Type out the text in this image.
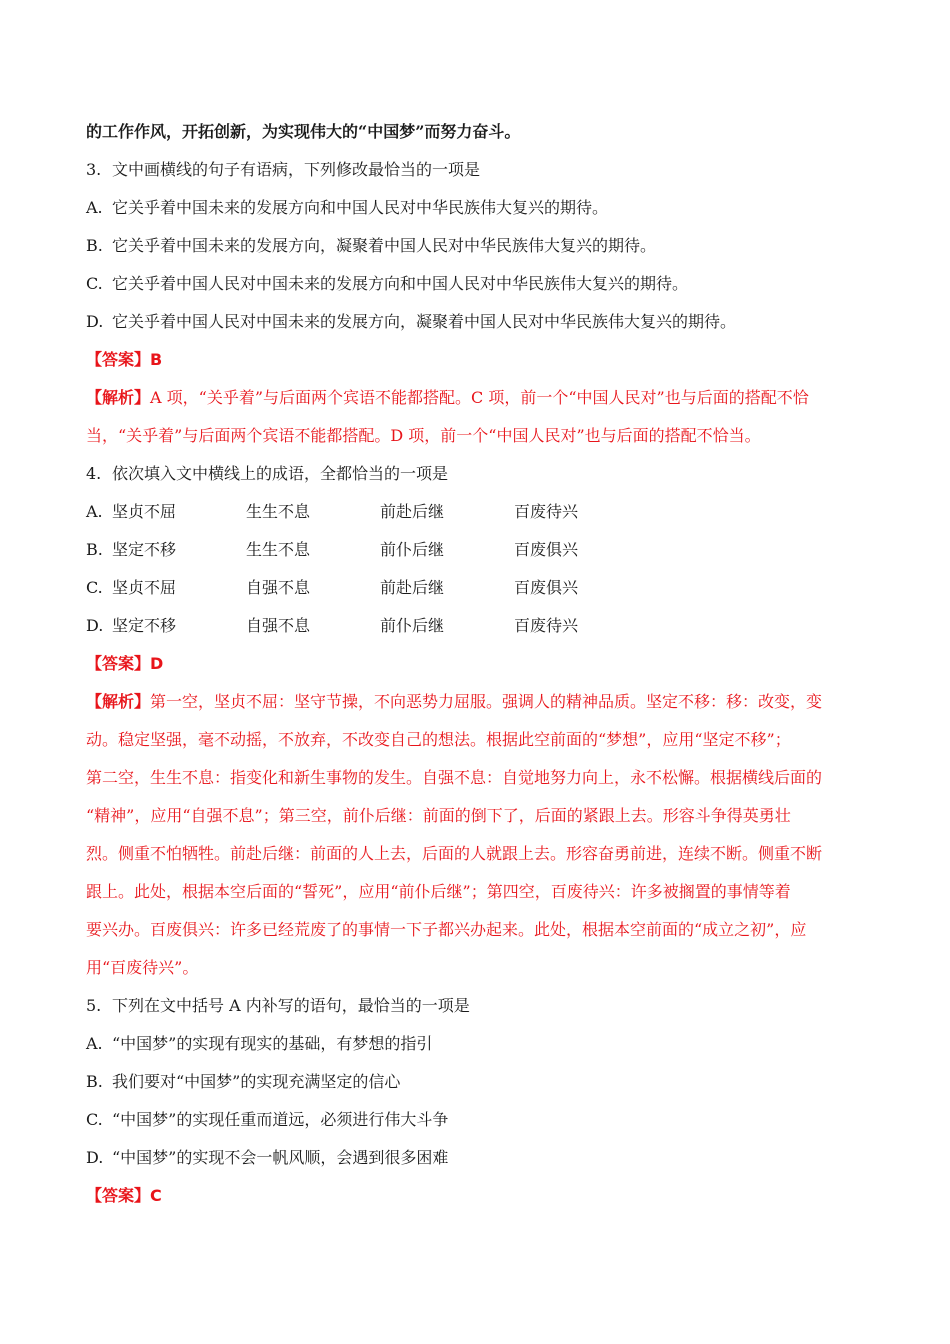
的工作作风，开拓创新，为实现伟大的“中国梦”而努力奋斗。
3. 文中画横线的句子有语病，下列修改最恰当的一项是
A. 它关乎着中国未来的发展方向和中国人民对中华民族伟大复兴的期待。
B. 它关乎着中国未来的发展方向，凝聚着中国人民对中华民族伟大复兴的期待。
C. 它关乎着中国人民对中国未来的发展方向和中国人民对中华民族伟大复兴的期待。
D. 它关乎着中国人民对中国未来的发展方向，凝聚着中国人民对中华民族伟大复兴的期待。
【答案】B
【解析】A 项，“关乎着”与后面两个宾语不能都搭配。C 项，前一个“中国人民对”也与后面的搭配不恰
当，“关乎着”与后面两个宾语不能都搭配。D 项，前一个“中国人民对”也与后面的搭配不恰当。
4. 依次填入文中横线上的成语，全都恰当的一项是
A. 坚贞不屈	生生不息	前赴后继	百废待兴
B. 坚定不移	生生不息	前仆后继	百废俱兴
C. 坚贞不屈	自强不息	前赴后继	百废俱兴
D. 坚定不移	自强不息	前仆后继	百废待兴
【答案】D
【解析】第一空，坚贞不屈：坚守节操，不向恶势力屈服。强调人的精神品质。坚定不移：移：改变，变
动。稳定坚强，毫不动摇，不放弃，不改变自己的想法。根据此空前面的“梦想”，应用“坚定不移”；
第二空，生生不息：指变化和新生事物的发生。自强不息：自觉地努力向上，永不松懈。根据横线后面的
“精神”，应用“自强不息”；第三空，前仆后继：前面的倒下了，后面的紧跟上去。形容斗争得英勇壮
烈。侧重不怕牺牲。前赴后继：前面的人上去，后面的人就跟上去。形容奋勇前进，连续不断。侧重不断
跟上。此处，根据本空后面的“誓死”，应用“前仆后继”；第四空，百废待兴：许多被搁置的事情等着
要兴办。百废俱兴：许多已经荒废了的事情一下子都兴办起来。此处，根据本空前面的“成立之初”，应
用“百废待兴”。
5. 下列在文中括号 A 内补写的语句，最恰当的一项是
A. “中国梦”的实现有现实的基础，有梦想的指引
B. 我们要对“中国梦”的实现充满坚定的信心
C. “中国梦”的实现任重而道远，必须进行伟大斗争
D. “中国梦”的实现不会一帆风顺，会遇到很多困难
【答案】C
